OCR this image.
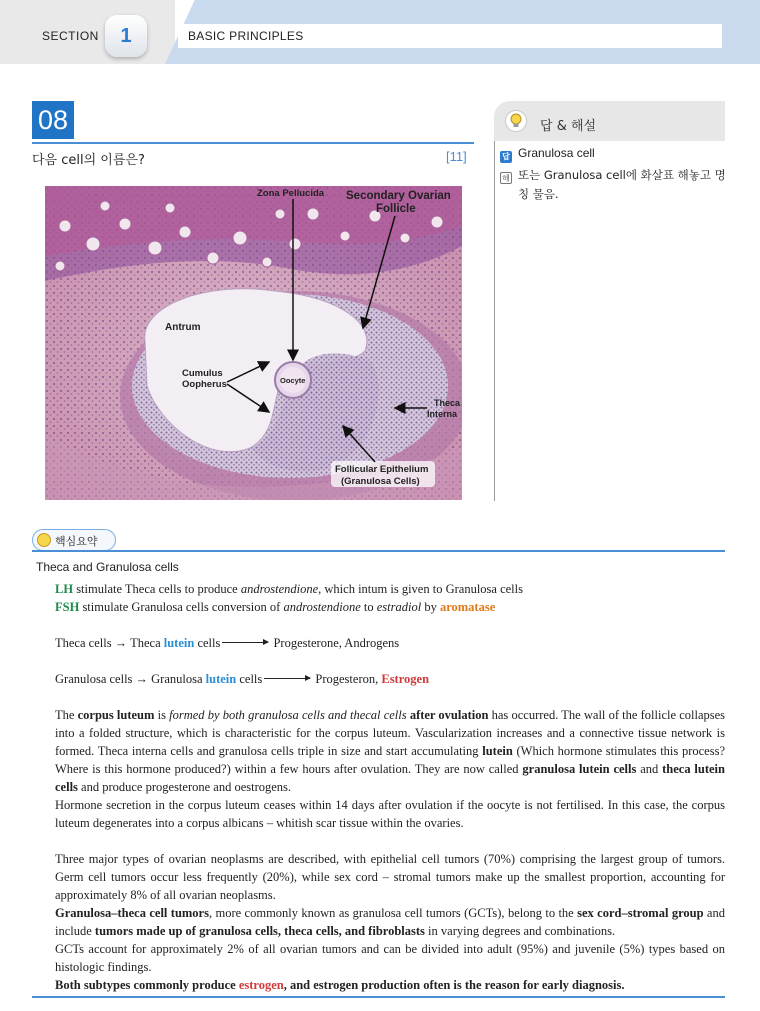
SECTION	1	BASIC PRINCIPLES
08
다음 cell의 이름은?	[11]
Zona Pellucida Secondary Ovarian
Follicle
Antrum
Cumulus
Oopherus	Oocyte
Theca
Interna
Follicular Epithelium
(Granulosa Cells)
답 & 해설
답 Granulosa cell
해 또는 Granulosa cell에 화살표 해놓고 명칭 물음.
핵심요약
Theca and Granulosa cells
LH stimulate Theca cells to produce androstendione, which intum is given to Granulosa cells
FSH stimulate Granulosa cells conversion of androstendione to estradiol by aromatase
Theca cells → Theca lutein cells	Progesterone, Androgens
Granulosa cells → Granulosa lutein cells	Progesteron, Estrogen
The corpus luteum is formed by both granulosa cells and thecal cells after ovulation has occurred. The wall of the follicle collapses into a folded structure, which is characteristic for the corpus luteum. Vascularization increases and a connective tissue network is formed. Theca interna cells and granulosa cells triple in size and start accumulating lutein (Which hormone stimulates this process? Where is this hormone produced?) within a few hours after ovulation. They are now called granulosa lutein cells and theca lutein cells and produce progesterone and oestrogens.
Hormone secretion in the corpus luteum ceases within 14 days after ovulation if the oocyte is not fertilised. In this case, the corpus luteum degenerates into a corpus albicans – whitish scar tissue within the ovaries.
Three major types of ovarian neoplasms are described, with epithelial cell tumors (70%) comprising the largest group of tumors. Germ cell tumors occur less frequently (20%), while sex cord – stromal tumors make up the smallest proportion, accounting for approximately 8% of all ovarian neoplasms.
Granulosa–theca cell tumors, more commonly known as granulosa cell tumors (GCTs), belong to the sex cord–stromal group and include tumors made up of granulosa cells, theca cells, and fibroblasts in varying degrees and combinations.
GCTs account for approximately 2% of all ovarian tumors and can be divided into adult (95%) and juvenile (5%) types based on histologic findings.
Both subtypes commonly produce estrogen, and estrogen production often is the reason for early diagnosis.
